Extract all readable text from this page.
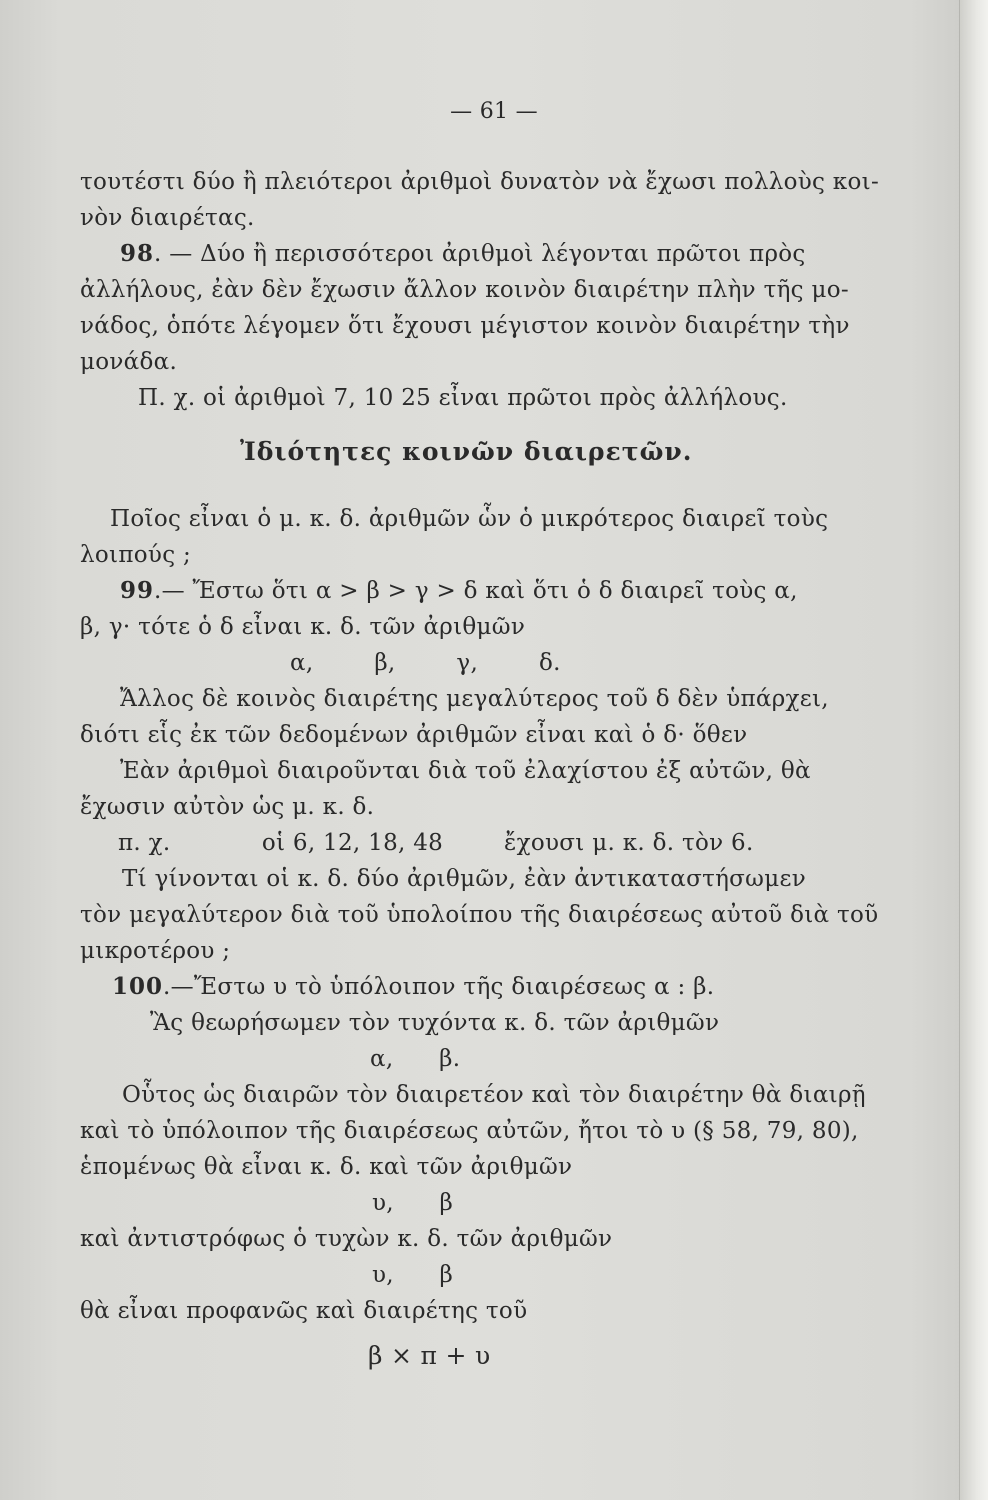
— 61 —
τουτέστι δύο ἢ πλειότεροι ἀριθμοὶ δυνατὸν νὰ ἔχωσι πολλοὺς κοι-
νὸν διαιρέτας.
98. — Δύο ἢ περισσότεροι ἀριθμοὶ λέγονται πρῶτοι πρὸς
ἀλλήλους, ἐὰν δὲν ἔχωσιν ἄλλον κοινὸν διαιρέτην πλὴν τῆς μο-
νάδος, ὁπότε λέγομεν ὅτι ἔχουσι μέγιστον κοινὸν διαιρέτην τὴν
μονάδα.
Π. χ. οἱ ἀριθμοὶ 7, 10 25 εἶναι πρῶτοι πρὸς ἀλλήλους.
Ἰδιότητες κοινῶν διαιρετῶν.
Ποῖος εἶναι ὁ μ. κ. δ. ἀριθμῶν ὧν ὁ μικρότερος διαιρεῖ τοὺς
λοιπούς ;
99.— Ἔστω ὅτι α > β > γ > δ καὶ ὅτι ὁ δ διαιρεῖ τοὺς α,
β, γ· τότε ὁ δ εἶναι κ. δ. τῶν ἀριθμῶν
α,        β,        γ,        δ.
Ἄλλος δὲ κοινὸς διαιρέτης μεγαλύτερος τοῦ δ δὲν ὑπάρχει,
διότι εἷς ἐκ τῶν δεδομένων ἀριθμῶν εἶναι καὶ ὁ δ· ὅθεν
Ἐὰν ἀριθμοὶ διαιροῦνται διὰ τοῦ ἐλαχίστου ἐξ αὐτῶν, θὰ
ἔχωσιν αὐτὸν ὡς μ. κ. δ.
π. χ.            οἱ 6, 12, 18, 48        ἔχουσι μ. κ. δ. τὸν 6.
Τί γίνονται οἱ κ. δ. δύο ἀριθμῶν, ἐὰν ἀντικαταστήσωμεν
τὸν μεγαλύτερον διὰ τοῦ ὑπολοίπου τῆς διαιρέσεως αὐτοῦ διὰ τοῦ
μικροτέρου ;
100.—Ἔστω υ τὸ ὑπόλοιπον τῆς διαιρέσεως α : β.
Ἂς θεωρήσωμεν τὸν τυχόντα κ. δ. τῶν ἀριθμῶν
α,      β.
Οὗτος ὡς διαιρῶν τὸν διαιρετέον καὶ τὸν διαιρέτην θὰ διαιρῇ
καὶ τὸ ὑπόλοιπον τῆς διαιρέσεως αὐτῶν, ἤτοι τὸ υ (§ 58, 79, 80),
ἑπομένως θὰ εἶναι κ. δ. καὶ τῶν ἀριθμῶν
υ,      β
καὶ ἀντιστρόφως ὁ τυχὼν κ. δ. τῶν ἀριθμῶν
υ,      β
θὰ εἶναι προφανῶς καὶ διαιρέτης τοῦ
β × π + υ
